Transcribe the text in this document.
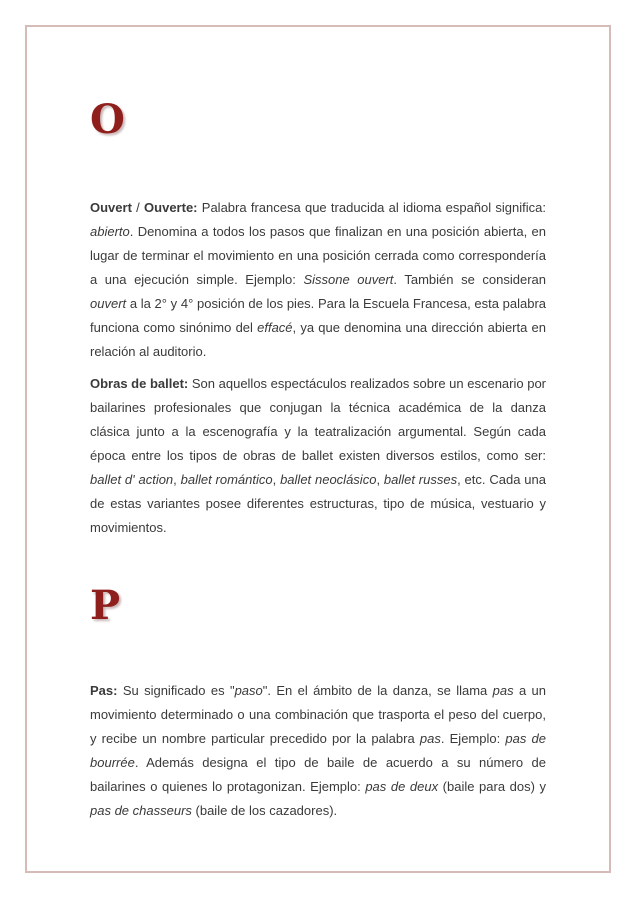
O

Ouvert / Ouverte: Palabra francesa que traducida al idioma español significa: abierto. Denomina a todos los pasos que finalizan en una posición abierta, en lugar de terminar el movimiento en una posición cerrada como correspondería a una ejecución simple. Ejemplo: Sissone ouvert. También se consideran ouvert a la 2° y 4° posición de los pies. Para la Escuela Francesa, esta palabra funciona como sinónimo del effacé, ya que denomina una dirección abierta en relación al auditorio.

Obras de ballet: Son aquellos espectáculos realizados sobre un escenario por bailarines profesionales que conjugan la técnica académica de la danza clásica junto a la escenografía y la teatralización argumental. Según cada época entre los tipos de obras de ballet existen diversos estilos, como ser: ballet d' action, ballet romántico, ballet neoclásico, ballet russes, etc. Cada una de estas variantes posee diferentes estructuras, tipo de música, vestuario y movimientos.

P

Pas: Su significado es "paso". En el ámbito de la danza, se llama pas a un movimiento determinado o una combinación que trasporta el peso del cuerpo, y recibe un nombre particular precedido por la palabra pas. Ejemplo: pas de bourrée. Además designa el tipo de baile de acuerdo a su número de bailarines o quienes lo protagonizan. Ejemplo: pas de deux (baile para dos) y pas de chasseurs (baile de los cazadores).
